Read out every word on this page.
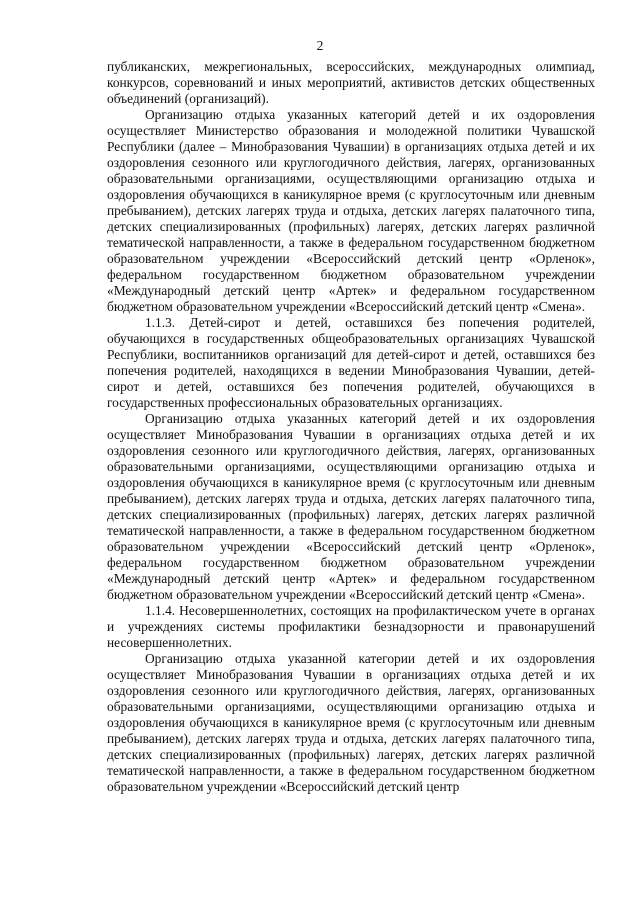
2

публиканских, межрегиональных, всероссийских, международных олимпиад, конкурсов, соревнований и иных мероприятий, активистов детских общественных объединений (организаций).

Организацию отдыха указанных категорий детей и их оздоровления осуществляет Министерство образования и молодежной политики Чувашской Республики (далее – Минобразования Чувашии) в организациях отдыха детей и их оздоровления сезонного или круглогодичного действия, лагерях, организованных образовательными организациями, осуществляющими организацию отдыха и оздоровления обучающихся в каникулярное время (с круглосуточным или дневным пребыванием), детских лагерях труда и отдыха, детских лагерях палаточного типа, детских специализированных (профильных) лагерях, детских лагерях различной тематической направленности, а также в федеральном государственном бюджетном образовательном учреждении «Всероссийский детский центр «Орленок», федеральном государственном бюджетном образовательном учреждении «Международный детский центр «Артек» и федеральном государственном бюджетном образовательном учреждении «Всероссийский детский центр «Смена».

1.1.3. Детей-сирот и детей, оставшихся без попечения родителей, обучающихся в государственных общеобразовательных организациях Чувашской Республики, воспитанников организаций для детей-сирот и детей, оставшихся без попечения родителей, находящихся в ведении Минобразования Чувашии, детей-сирот и детей, оставшихся без попечения родителей, обучающихся в государственных профессиональных образовательных организациях.

Организацию отдыха указанных категорий детей и их оздоровления осуществляет Минобразования Чувашии в организациях отдыха детей и их оздоровления сезонного или круглогодичного действия, лагерях, организованных образовательными организациями, осуществляющими организацию отдыха и оздоровления обучающихся в каникулярное время (с круглосуточным или дневным пребыванием), детских лагерях труда и отдыха, детских лагерях палаточного типа, детских специализированных (профильных) лагерях, детских лагерях различной тематической направленности, а также в федеральном государственном бюджетном образовательном учреждении «Всероссийский детский центр «Орленок», федеральном государственном бюджетном образовательном учреждении «Международный детский центр «Артек» и федеральном государственном бюджетном образовательном учреждении «Всероссийский детский центр «Смена».

1.1.4. Несовершеннолетних, состоящих на профилактическом учете в органах и учреждениях системы профилактики безнадзорности и правонарушений несовершеннолетних.

Организацию отдыха указанной категории детей и их оздоровления осуществляет Минобразования Чувашии в организациях отдыха детей и их оздоровления сезонного или круглогодичного действия, лагерях, организованных образовательными организациями, осуществляющими организацию отдыха и оздоровления обучающихся в каникулярное время (с круглосуточным или дневным пребыванием), детских лагерях труда и отдыха, детских лагерях палаточного типа, детских специализированных (профильных) лагерях, детских лагерях различной тематической направленности, а также в федеральном государственном бюджетном образовательном учреждении «Всероссийский детский центр
